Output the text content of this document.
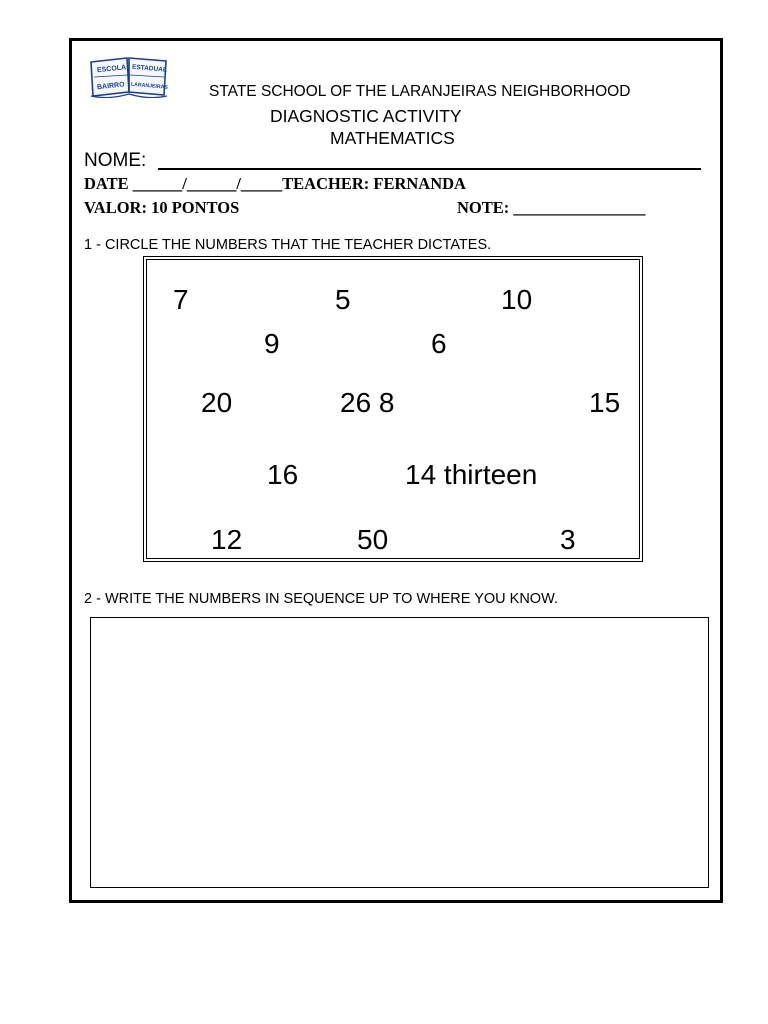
ESCOLA ESTADUAL
BAIRRO LARANJEIRAS	STATE SCHOOL OF THE LARANJEIRAS NEIGHBORHOOD
DIAGNOSTIC ACTIVITY
MATHEMATICS
NOME:
DATE ______/______/_____TEACHER: FERNANDA
VALOR: 10 PONTOS	NOTE: ________________
1 - CIRCLE THE NUMBERS THAT THE TEACHER DICTATES.
7	5	10
9	6
20	26 8	15
16	14 thirteen
12	50	3
2 - WRITE THE NUMBERS IN SEQUENCE UP TO WHERE YOU KNOW.
